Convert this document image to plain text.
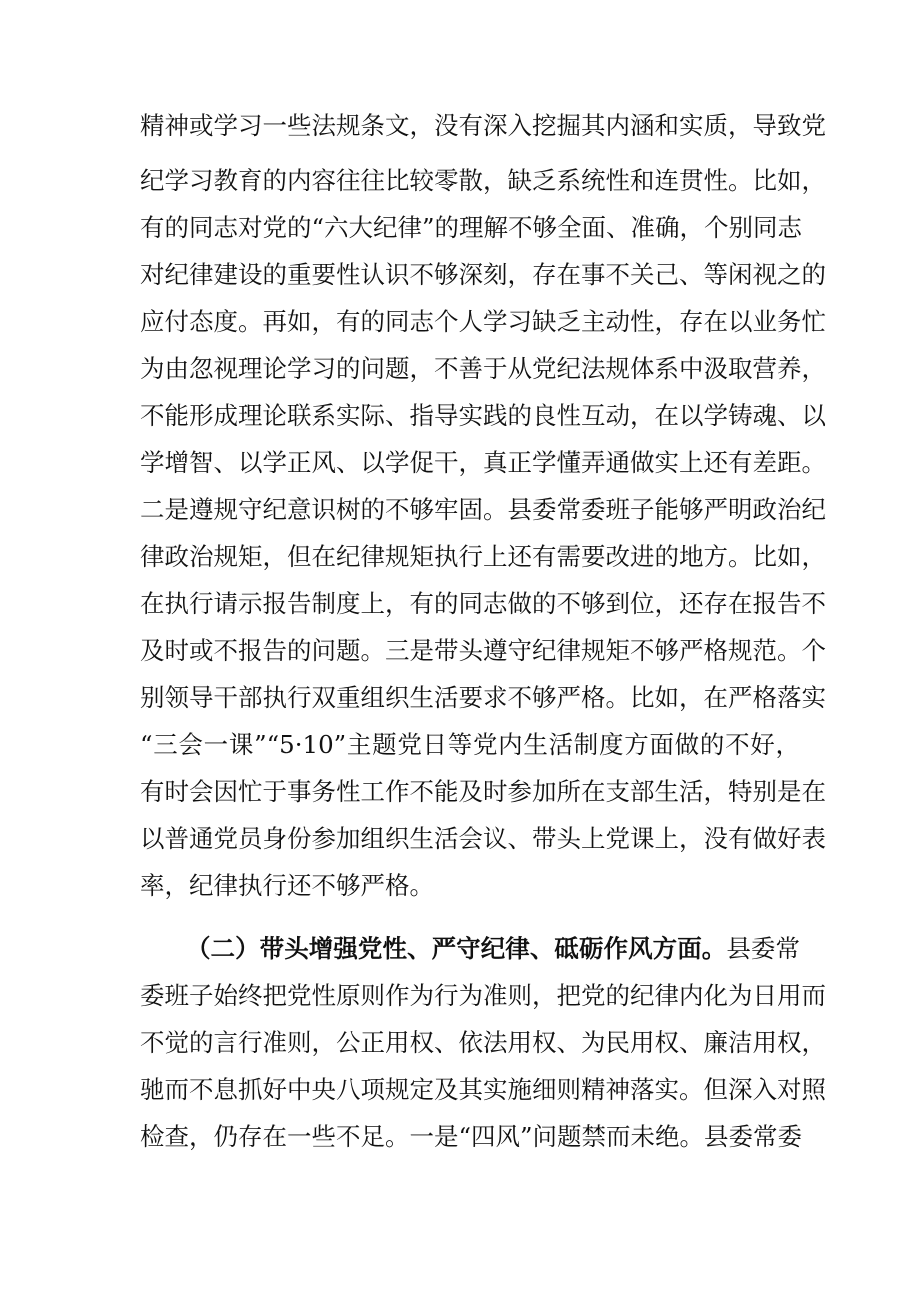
精神或学习一些法规条文，没有深入挖掘其内涵和实质，导致党
纪学习教育的内容往往比较零散，缺乏系统性和连贯性。比如，
有的同志对党的“六大纪律”的理解不够全面、准确，个别同志
对纪律建设的重要性认识不够深刻，存在事不关己、等闲视之的
应付态度。再如，有的同志个人学习缺乏主动性，存在以业务忙
为由忽视理论学习的问题，不善于从党纪法规体系中汲取营养，
不能形成理论联系实际、指导实践的良性互动，在以学铸魂、以
学增智、以学正风、以学促干，真正学懂弄通做实上还有差距。
二是遵规守纪意识树的不够牢固。县委常委班子能够严明政治纪
律政治规矩，但在纪律规矩执行上还有需要改进的地方。比如，
在执行请示报告制度上，有的同志做的不够到位，还存在报告不
及时或不报告的问题。三是带头遵守纪律规矩不够严格规范。个
别领导干部执行双重组织生活要求不够严格。比如，在严格落实
“三会一课”“5·10”主题党日等党内生活制度方面做的不好，
有时会因忙于事务性工作不能及时参加所在支部生活，特别是在
以普通党员身份参加组织生活会议、带头上党课上，没有做好表
率，纪律执行还不够严格。
（二）带头增强党性、严守纪律、砥砺作风方面。县委常
委班子始终把党性原则作为行为准则，把党的纪律内化为日用而
不觉的言行准则，公正用权、依法用权、为民用权、廉洁用权，
驰而不息抓好中央八项规定及其实施细则精神落实。但深入对照
检查，仍存在一些不足。一是“四风”问题禁而未绝。县委常委
